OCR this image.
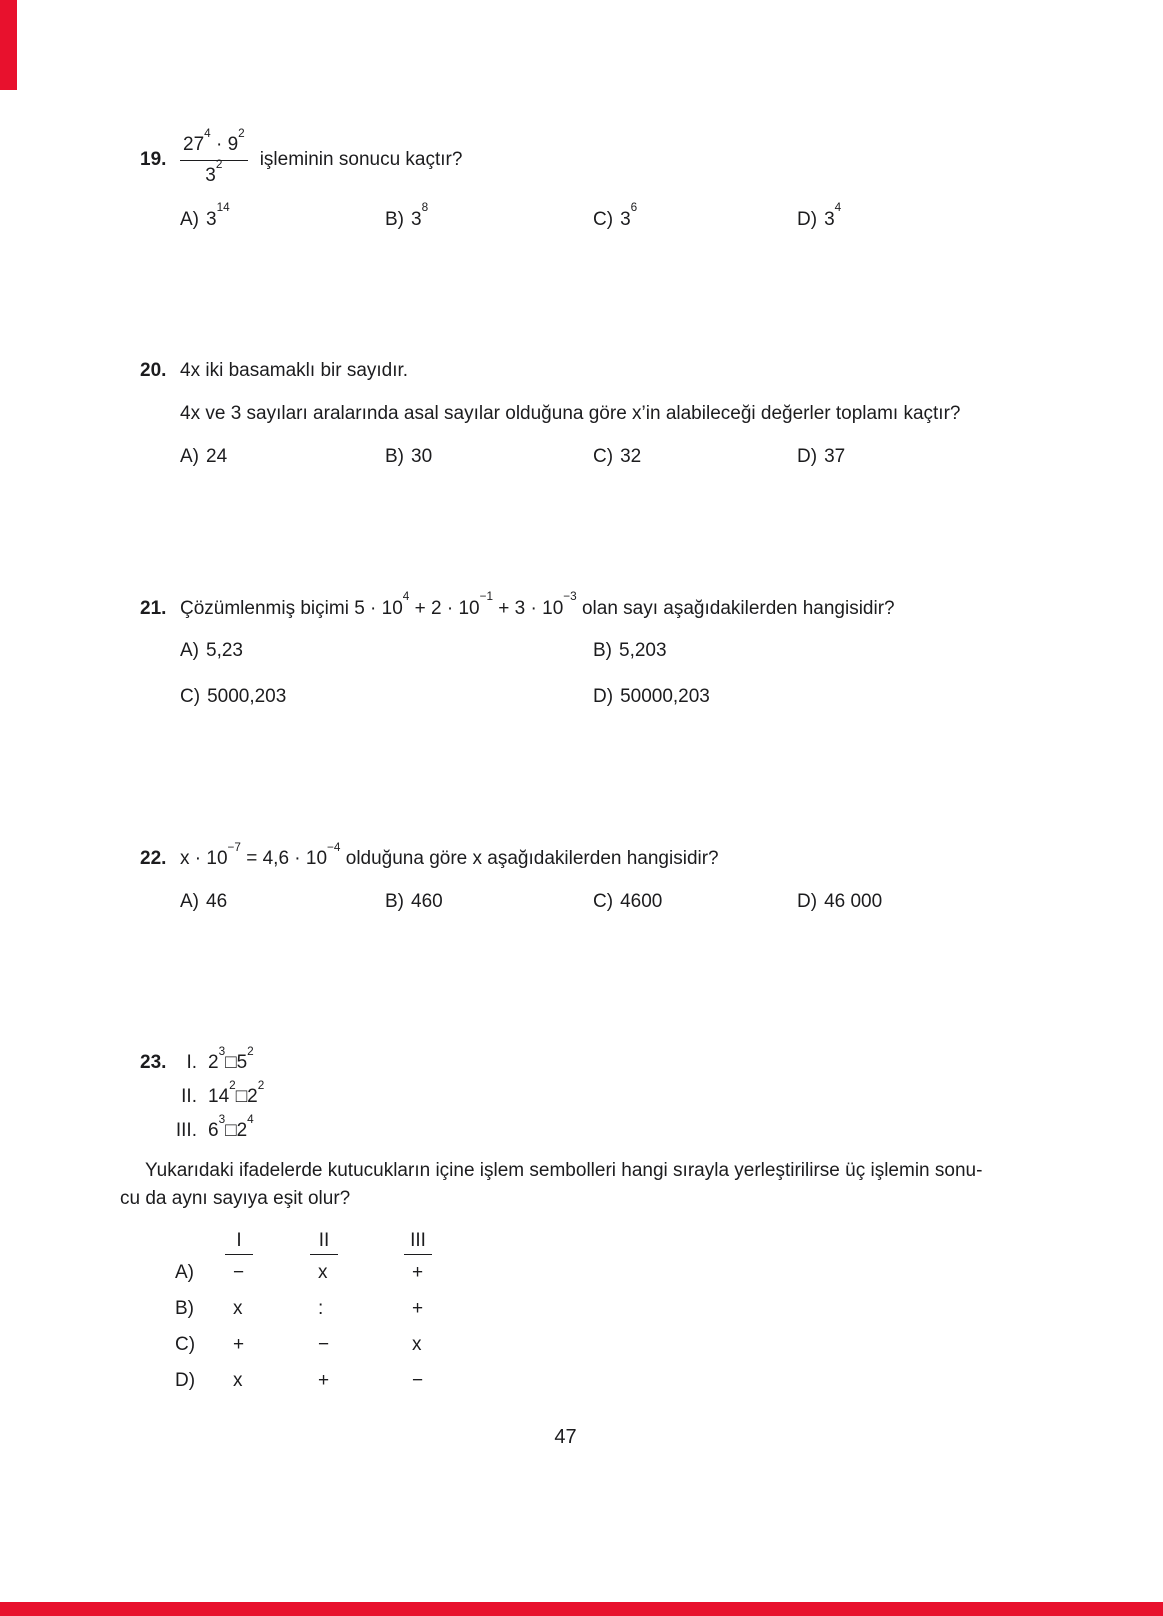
19. $\frac{27^4 \cdot 9^2}{3^2}$ işleminin sonucu kaçtır?
A) $3^{14}$
B) $3^8$
C) $3^6$
D) $3^4$
20. 4x iki basamaklı bir sayıdır.
4x ve 3 sayıları aralarında asal sayılar olduğuna göre x’in alabileceği değerler toplamı kaçtır?
A) 24	B) 30	C) 32	D) 37
21. Çözümlenmiş biçimi $5 \cdot 10^4 + 2 \cdot 10^{-1} + 3 \cdot 10^{-3}$ olan sayı aşağıdakilerden hangisidir?
A) 5,23	B) 5,203
C) 5000,203	D) 50000,203
22. $x \cdot 10^{-7} = 4,6 \cdot 10^{-4}$ olduğuna göre x aşağıdakilerden hangisidir?
A) 46	B) 460	C) 4600	D) 46 000
23.	I. $2^3□5^2$
II. $14^2□2^2$
III. $6^3□2^4$
Yukarıdaki ifadelerde kutucukların içine işlem sembolleri hangi sırayla yerleştirilirse üç işlemin sonu-
cu da aynı sayıya eşit olur?
I	II	III
A)	−	x	+
B)	x	:	+
C)	+	−	x
D)	x	+	−
47
